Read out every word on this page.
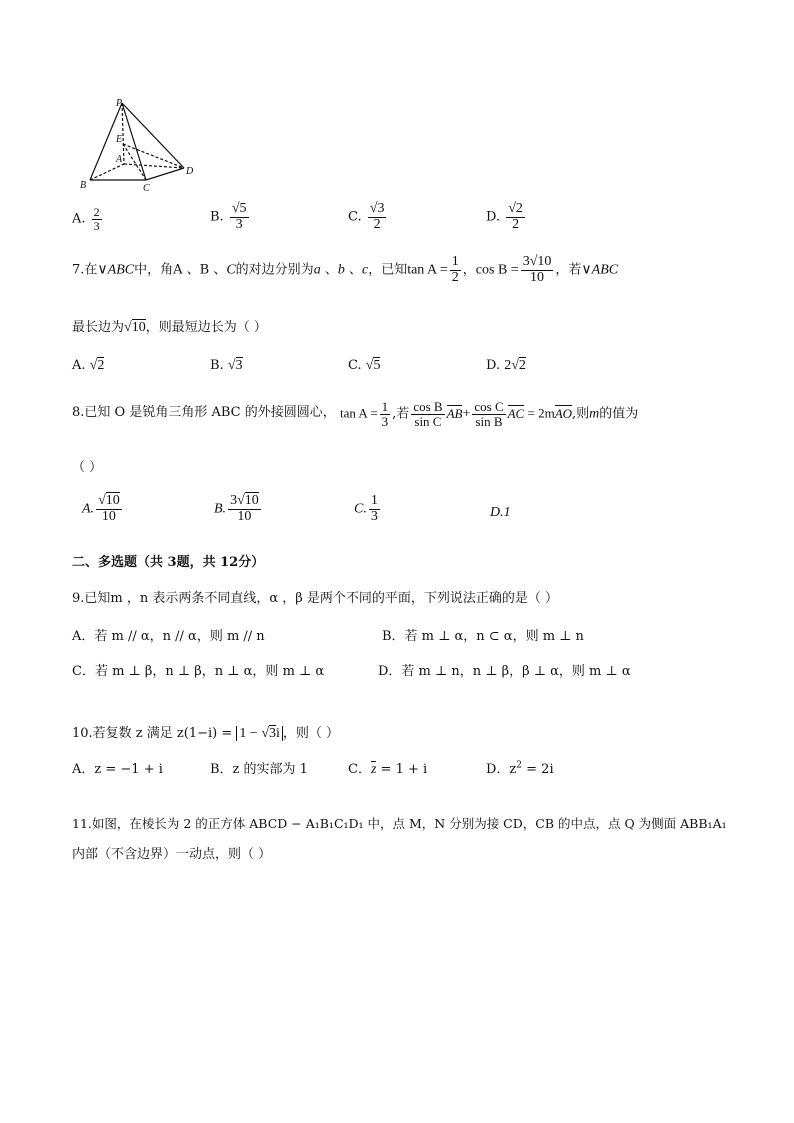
P
E
A
B	C
D
A. $\frac{2}{3}$	B. $\frac{√5}{3}$	C. $\frac{√3}{2}$	D. $\frac{√2}{2}$
7.在∨ABC中，角A 、B 、C的对边分别为a 、b 、c，已知$\tan A = \frac{1}{2}$ ，$\cos B = \frac{3√10}{10}$ ，若∨ABC
最长边为√10，则最短边长为（ ）
A. √2	B. √3	C. √5	D. 2√2
8.已知 O 是锐角三角形 ABC 的外接圆圆心， $\tan A = \frac{1}{3}$ ,若 $\frac{\text{cos B}}{\text{sin C}} AB+ \frac{\text{cos C}}{\text{sin B}}$ AC = 2mAO,则m的值为
（ ）
A. $\frac{√10}{10}$	B. $\frac{3√10}{10}$	C. $\frac{1}{3}$	D.1
二、多选题（共 3题，共 12分）
9.已知m ，n 表示两条不同直线，α ，β 是两个不同的平面，下列说法正确的是（ ）
A．若 m // α，n // α，则 m // n	B．若 m ⊥ α，n ⊂ α，则 m ⊥ n
C．若 m ⊥ β，n ⊥ β，n ⊥ α，则 m ⊥ α	D．若 m ⊥ n，n ⊥ β，β ⊥ α，则 m ⊥ α
10.若复数 z 满足 z(1−i) = 1 − √3i ，则（ ）
A．z = −1 + i	B．z 的实部为 1	C．z = 1 + i	D．$z^2 = 2i$
11.如图，在棱长为 2 的正方体 ABCD − A₁B₁C₁D₁ 中，点 M，N 分别为接 CD，CB 的中点，点 Q 为侧面 ABB₁A₁
内部（不含边界）一动点，则（ ）
